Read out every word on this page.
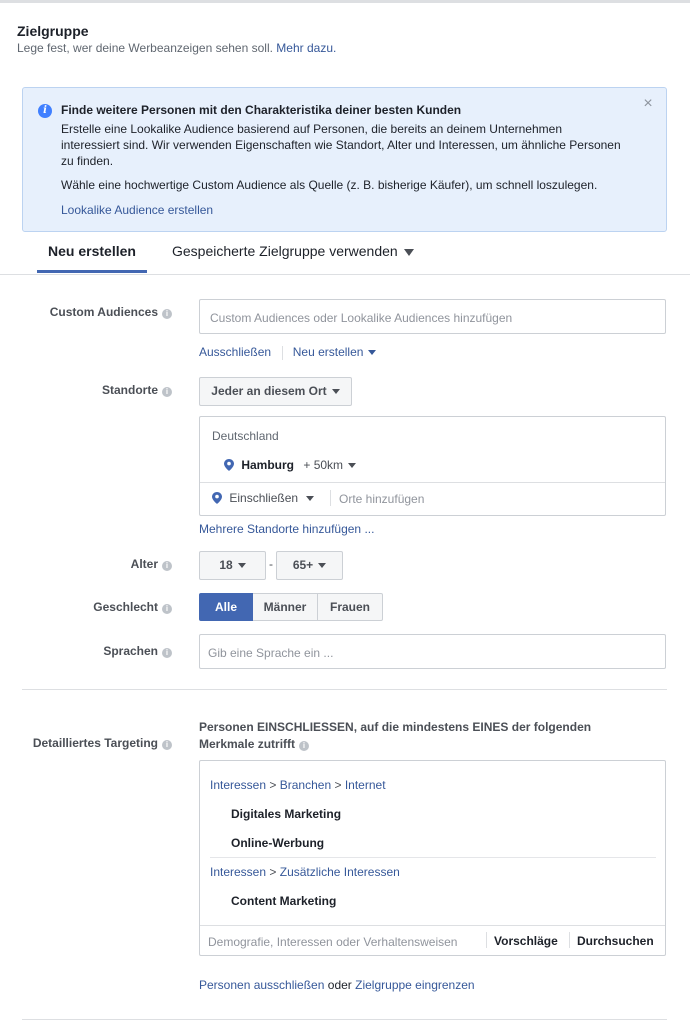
Zielgruppe
Lege fest, wer deine Werbeanzeigen sehen soll. Mehr dazu.
i	Finde weitere Personen mit den Charakteristika deiner besten Kunden
Erstelle eine Lookalike Audience basierend auf Personen, die bereits an deinem Unternehmen interessiert sind. Wir verwenden Eigenschaften wie Standort, Alter und Interessen, um ähnliche Personen zu finden.
Wähle eine hochwertige Custom Audience als Quelle (z. B. bisherige Käufer), um schnell loszulegen.
Lookalike Audience erstellen
×
Neu erstellen	Gespeicherte Zielgruppe verwenden
Custom Audiences i	Custom Audiences oder Lookalike Audiences hinzufügen
Ausschließen Neu erstellen
Standorte i	Jeder an diesem Ort
Deutschland
Hamburg + 50km
Einschließen	Orte hinzufügen
Mehrere Standorte hinzufügen ...
Alter i	18	-	65+
Geschlecht i	Alle	Männer	Frauen
Sprachen i	Gib eine Sprache ein ...
Detailliertes Targeting i
Personen EINSCHLIESSEN, auf die mindestens EINES der folgenden Merkmale zutrifft i
Interessen > Branchen > Internet
Digitales Marketing
Online-Werbung
Interessen > Zusätzliche Interessen
Content Marketing
Demografie, Interessen oder Verhaltensweisen	Vorschläge Durchsuchen
Personen ausschließen oder Zielgruppe eingrenzen
